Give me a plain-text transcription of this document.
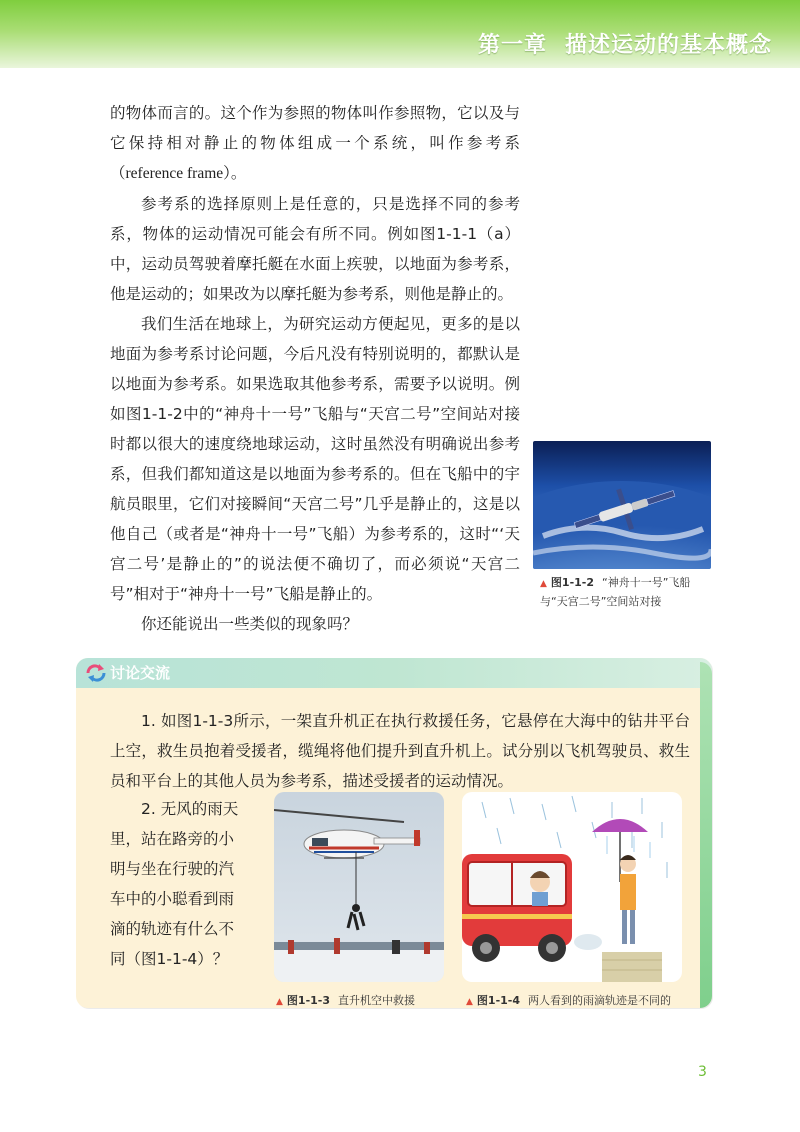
第一章 描述运动的基本概念

的物体而言的。这个作为参照的物体叫作参照物，它以及与它保持相对静止的物体组成一个系统，叫作参考系（reference frame）。

参考系的选择原则上是任意的，只是选择不同的参考系，物体的运动情况可能会有所不同。例如图1-1-1（a）中，运动员驾驶着摩托艇在水面上疾驶，以地面为参考系，他是运动的；如果改为以摩托艇为参考系，则他是静止的。

我们生活在地球上，为研究运动方便起见，更多的是以地面为参考系讨论问题，今后凡没有特别说明的，都默认是以地面为参考系。如果选取其他参考系，需要予以说明。例如图1-1-2中的“神舟十一号”飞船与“天宫二号”空间站对接时都以很大的速度绕地球运动，这时虽然没有明确说出参考系，但我们都知道这是以地面为参考系的。但在飞船中的宇航员眼里，它们对接瞬间“天宫二号”几乎是静止的，这是以他自己（或者是“神舟十一号”飞船）为参考系的，这时“‘天宫二号’是静止的”的说法便不确切了，而必须说“天宫二号”相对于“神舟十一号”飞船是静止的。

你还能说出一些类似的现象吗？

▲ 图1-1-2 “神舟十一号”飞船
与“天宫二号”空间站对接
讨论交流
1. 如图1-1-3所示，一架直升机正在执行救援任务，它悬停在大海中的钻井平台上空，救生员抱着受援者，缆绳将他们提升到直升机上。试分别以飞机驾驶员、救生员和平台上的其他人员为参考系，描述受援者的运动情况。
2. 无风的雨天
里，站在路旁的小
明与坐在行驶的汽
车中的小聪看到雨
滴的轨迹有什么不
同（图1-1-4）？
▲ 图1-1-3 直升机空中救援	▲ 图1-1-4 两人看到的雨滴轨迹是不同的
3
